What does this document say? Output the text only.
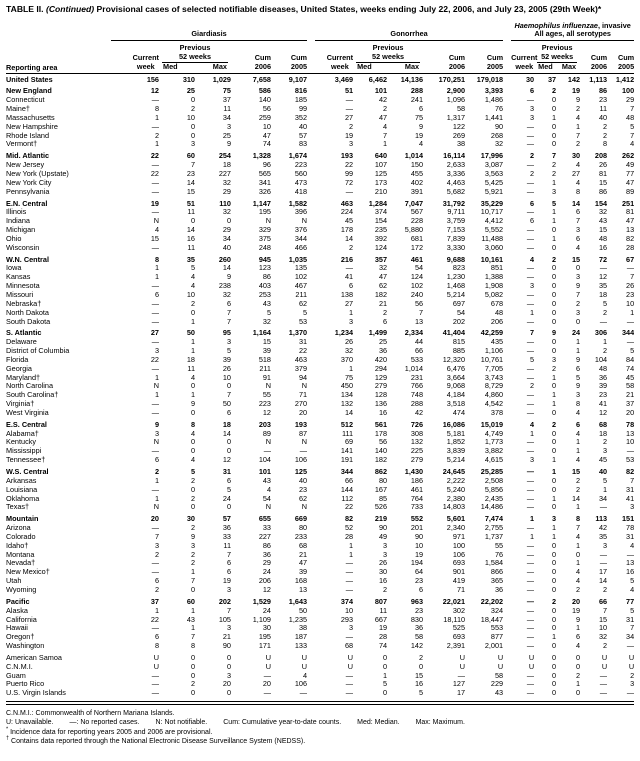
TABLE II. (Continued) Provisional cases of selected notifiable diseases, United States, weeks ending July 22, 2006, and July 23, 2005 (29th Week)*
Reporting area	Giardiasis						Gonorrhea						Haemophilus influenzae, invasive
All ages, all serotypes				
Current
week	
Previous
52 weeks
Med	Max
	Cum
2006	Cum
2005	Current
week	
Previous
52 weeks
Med	Max
	Cum
2006	Cum
2005	Current
week	
Previous
52 weeks
Med Max
	Cum
2006	Cum
2005
United States	156	310	1,029	7,658	9,107		3,469	6,462	14,136	170,251	179,018		30	37	142	1,113	1,412

New England	12	25	75	586	816		51	101	288	2,900	3,393		6	2	19	86	100
Connecticut	—	0	37	140	185		—	42	241	1,096	1,486		—	0	9	23	29
Maine†	8	2	11	56	99		—	2	6	58	76		3	0	2	11	7
Massachusetts	1	10	34	259	352		27	47	75	1,317	1,441		3	1	4	40	48
New Hampshire	—	0	3	10	40		2	4	9	122	90		—	0	1	2	5
Rhode Island	2	0	25	47	57		19	7	19	269	268		—	0	7	2	7
Vermont†	1	3	9	74	83		3	1	4	38	32		—	0	2	8	4

Mid. Atlantic	22	60	254	1,328	1,674		193	640	1,014	16,114	17,996		2	7	30	208	262
New Jersey	—	7	18	96	223		22	107	150	2,633	3,087		—	2	4	26	49
New York (Upstate)	22	23	227	565	560		99	125	455	3,336	3,563		2	2	27	81	77
New York City	—	14	32	341	473		72	173	402	4,463	5,425		—	1	4	15	47
Pennsylvania	—	15	29	326	418		—	210	391	5,682	5,921		—	3	8	86	89

E.N. Central	19	51	110	1,147	1,582		463	1,284	7,047	31,792	35,229		6	5	14	154	251
Illinois	—	11	32	195	396		224	374	567	9,711	10,717		—	1	6	32	81
Indiana	N	0	0	N	N		45	154	228	3,759	4,412		6	1	7	43	47
Michigan	4	14	29	329	376		178	235	5,880	7,153	5,552		—	0	3	15	13
Ohio	15	16	34	375	344		14	392	681	7,839	11,488		—	1	6	48	82
Wisconsin	—	11	40	248	466		2	124	172	3,330	3,060		—	0	4	16	28

W.N. Central	8	35	260	945	1,035		216	357	461	9,688	10,161		4	2	15	72	67
Iowa	1	5	14	123	135		—	32	54	823	851		—	0	0	—	—
Kansas	1	4	9	86	102		41	47	124	1,230	1,388		—	0	3	12	7
Minnesota	—	4	238	403	467		6	62	102	1,468	1,908		3	0	9	35	26
Missouri	6	10	32	253	211		138	182	240	5,214	5,082		—	0	7	18	23
Nebraska†	—	2	6	43	62		27	21	56	697	678		—	0	2	5	10
North Dakota	—	0	7	5	5		1	2	7	54	48		1	0	3	2	1
South Dakota	—	1	7	32	53		3	6	13	202	206		—	0	0	—	—

S. Atlantic	27	50	95	1,164	1,370		1,234	1,499	2,334	41,404	42,259		7	9	24	306	344
Delaware	—	1	3	15	31		26	25	44	815	435		—	0	1	1	—
District of Columbia	3	1	5	39	22		32	36	66	885	1,106		—	0	1	2	5
Florida	22	18	39	518	463		370	420	533	12,320	10,761		5	3	9	104	84
Georgia	—	11	26	211	379		1	294	1,014	6,476	7,705		—	2	6	48	74
Maryland†	1	4	10	91	94		75	129	231	3,664	3,743		—	1	5	36	45
North Carolina	N	0	0	N	N		450	279	766	9,068	8,729		2	0	9	39	58
South Carolina†	1	1	7	55	71		134	128	748	4,184	4,860		—	1	3	23	21
Virginia†	—	9	50	223	270		132	136	288	3,518	4,542		—	1	8	41	37
West Virginia	—	0	6	12	20		14	16	42	474	378		—	0	4	12	20

E.S. Central	9	8	18	203	193		512	561	726	16,086	15,019		4	2	6	68	78
Alabama†	3	4	14	89	87		111	178	308	5,181	4,749		1	0	4	18	13
Kentucky	N	0	0	N	N		69	56	132	1,852	1,773		—	0	1	2	10
Mississippi	—	0	0	—	—		141	140	225	3,839	3,882		—	0	1	3	—
Tennessee†	6	4	12	104	106		191	182	279	5,214	4,615		3	1	4	45	53

W.S. Central	2	5	31	101	125		344	862	1,430	24,645	25,285		—	1	15	40	82
Arkansas	1	2	6	43	40		66	80	186	2,222	2,508		—	0	2	5	7
Louisiana	—	0	5	4	23		144	167	461	5,240	5,856		—	0	2	1	31
Oklahoma	1	2	24	54	62		112	85	764	2,380	2,435		—	1	14	34	41
Texas†	N	0	0	N	N		22	526	733	14,803	14,486		—	0	1	—	3

Mountain	20	30	57	655	669		82	219	552	5,601	7,474		1	3	8	113	151
Arizona	—	2	36	33	80		52	90	201	2,340	2,755		—	1	7	42	78
Colorado	7	9	33	227	233		28	49	90	971	1,737		1	1	4	35	31
Idaho†	3	3	11	86	68		1	3	10	100	55		—	0	1	3	4
Montana	2	2	7	36	21		1	3	19	106	76		—	0	0	—	—
Nevada†	—	2	6	29	47		—	26	194	693	1,584		—	0	1	—	13
New Mexico†	—	1	6	24	39		—	30	64	901	866		—	0	4	17	16
Utah	6	7	19	206	168		—	16	23	419	365		—	0	4	14	5
Wyoming	2	0	3	12	13		—	2	6	71	36		—	0	2	2	4

Pacific	37	60	202	1,529	1,643		374	807	963	22,021	22,202		—	2	20	66	77
Alaska	1	1	7	24	50		10	11	23	302	324		—	0	19	7	5
California	22	43	105	1,109	1,235		293	667	830	18,110	18,447		—	0	9	15	31
Hawaii	—	1	3	30	38		3	19	36	525	553		—	0	1	10	7
Oregon†	6	7	21	195	187		—	28	58	693	877		—	1	6	32	34
Washington	8	8	90	171	133		68	74	142	2,391	2,001		—	0	4	2	—

American Samoa	U	0	0	U	U		U	0	2	U	U		U	0	0	U	U
C.N.M.I.	U	0	0	U	U		U	0	0	U	U		U	0	0	U	U
Guam	—	0	3	—	4		—	1	15	—	58		—	0	2	—	2
Puerto Rico	—	2	20	20	106		—	5	16	127	229		—	0	1	—	3
U.S. Virgin Islands	—	0	0	—	—		—	0	5	17	43		—	0	0	—	—
C.N.M.I.: Commonwealth of Northern Mariana Islands.
U: Unavailable. —: No reported cases. N: Not notifiable. Cum: Cumulative year-to-date counts. Med: Median. Max: Maximum.
* Incidence data for reporting years 2005 and 2006 are provisional.
† Contains data reported through the National Electronic Disease Surveillance System (NEDSS).
